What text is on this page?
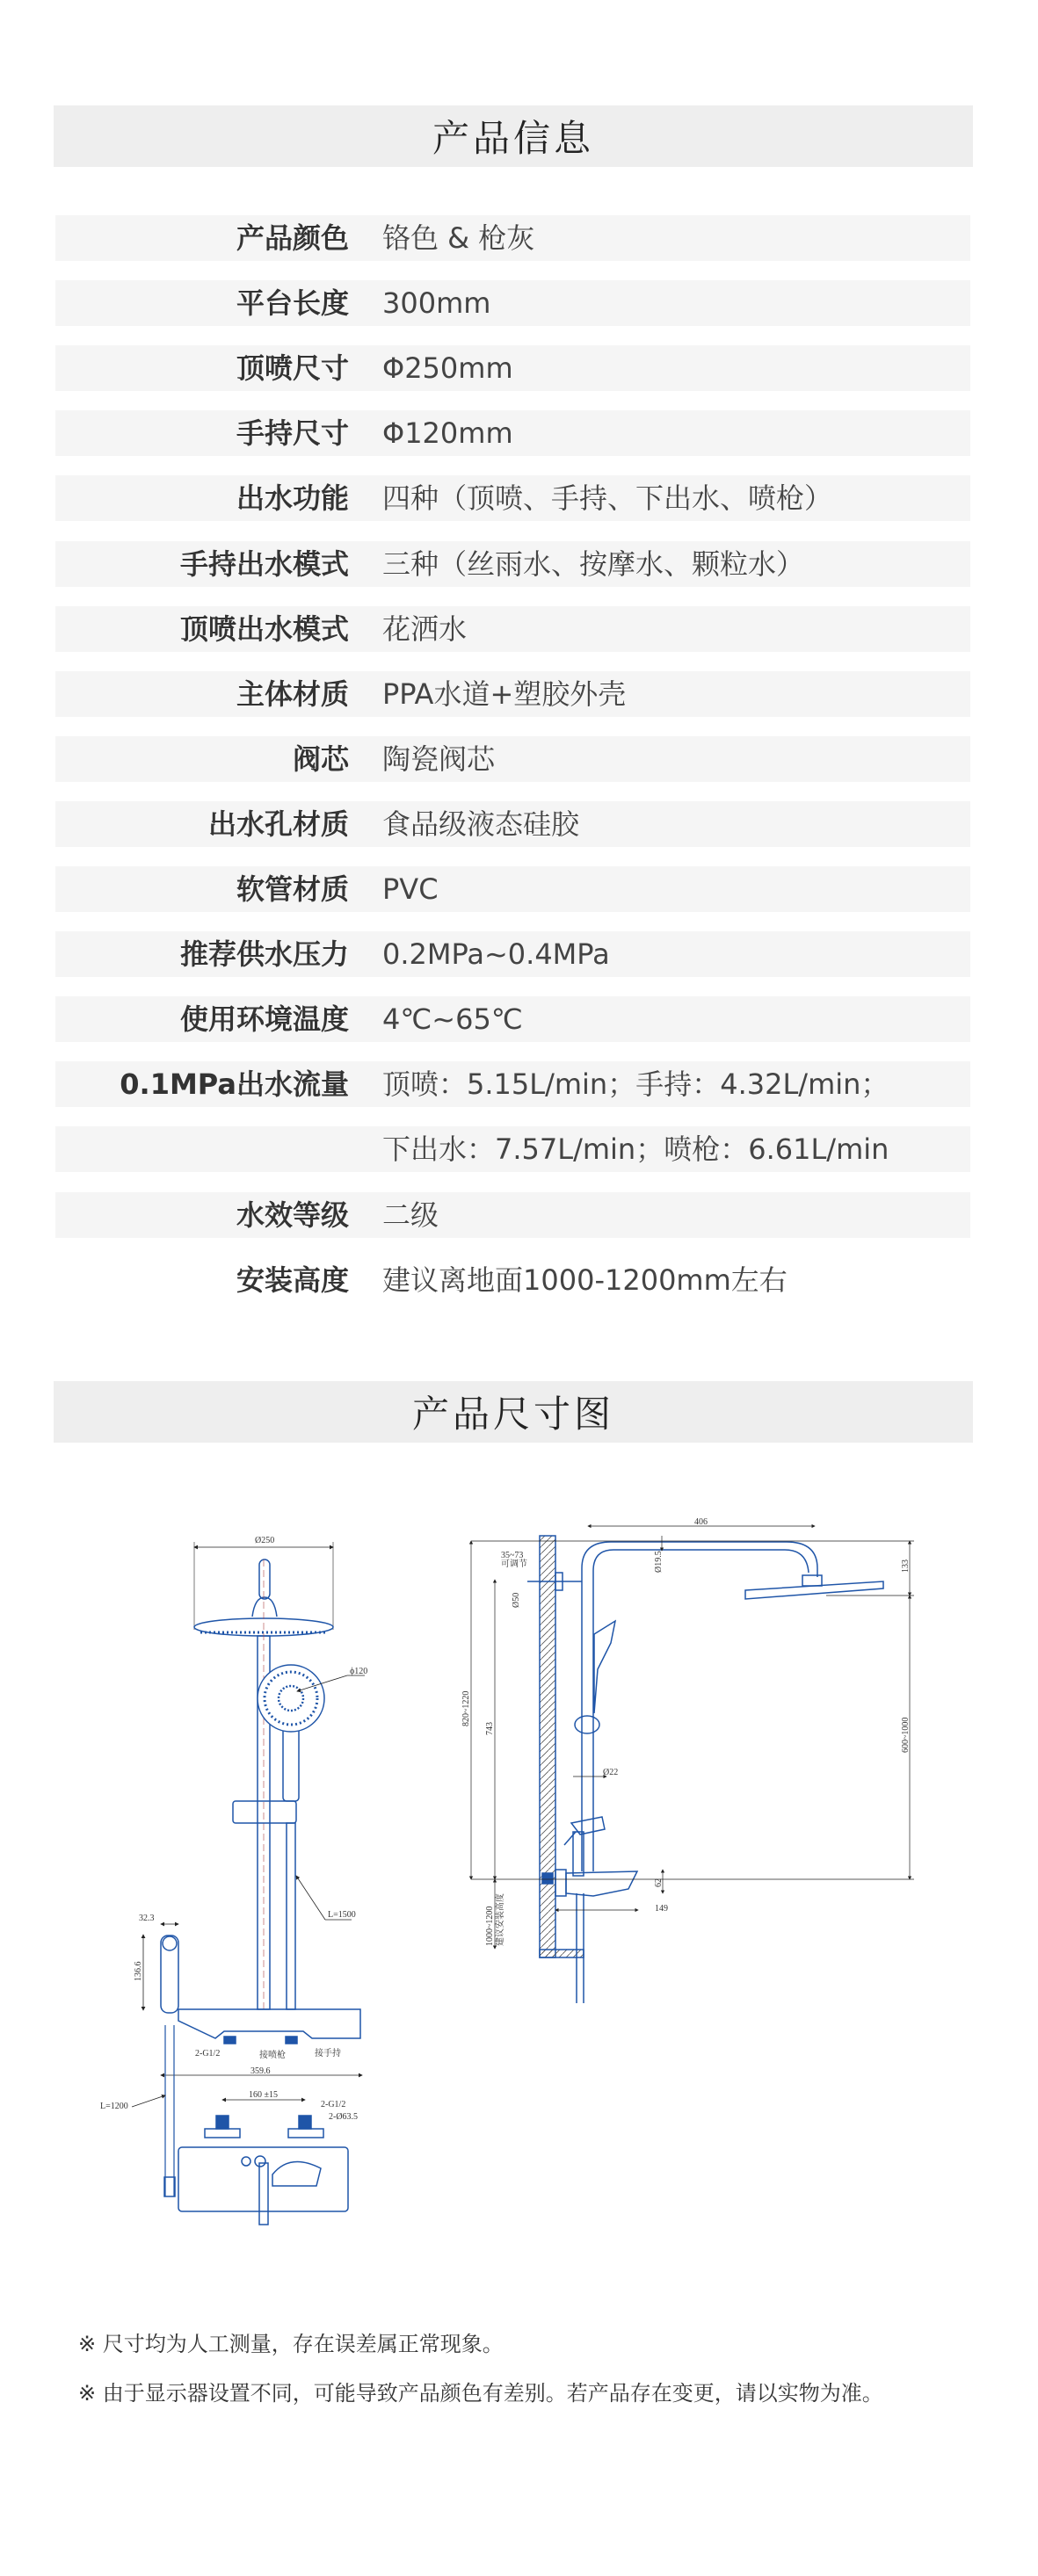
产品信息
产品颜色 铬色 & 枪灰
平台长度 300mm
顶喷尺寸 Φ250mm
手持尺寸 Φ120mm
出水功能 四种（顶喷、手持、下出水、喷枪）
手持出水模式 三种（丝雨水、按摩水、颗粒水）
顶喷出水模式 花洒水
主体材质 PPA水道+塑胶外壳
阀芯 陶瓷阀芯
出水孔材质 食品级液态硅胶
软管材质 PVC
推荐供水压力 0.2MPa~0.4MPa
使用环境温度 4℃~65℃
0.1MPa出水流量 顶喷：5.15L/min；手持：4.32L/min；
下出水：7.57L/min；喷枪：6.61L/min
水效等级 二级
安装高度 建议离地面1000-1200mm左右
产品尺寸图
Ø250
ϕ120
L=1500
32.3
136.6
2-G1/2	接喷枪	接手持
359.6
L=1200
160 ±15
2-G1/2
2-Ø63.5
406
35~73
可调节
Ø50
Ø19.5	133
820~1220
743	600~1000
Ø22
62
149
1000~1200 建议安装高度
※ 尺寸均为人工测量，存在误差属正常现象。
※ 由于显示器设置不同，可能导致产品颜色有差别。若产品存在变更，请以实物为准。
